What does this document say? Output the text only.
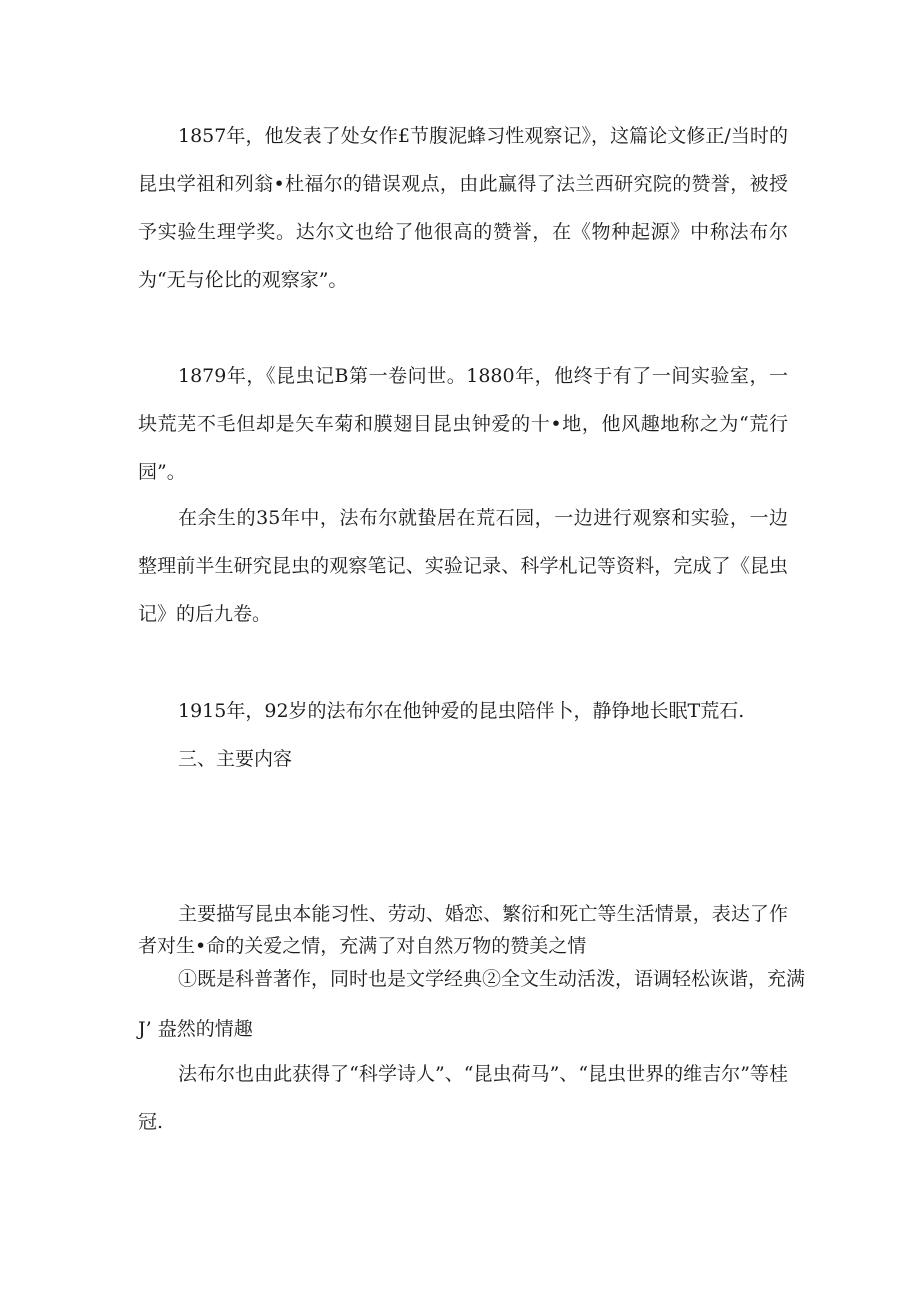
1857年，他发表了处女作£节腹泥蜂习性观察记》，这篇论文修正/当时的昆虫学祖和列翁•杜福尔的错误观点，由此赢得了法兰西研究院的赞誉，被授予实验生理学奖。达尔文也给了他很高的赞誉，在《物种起源》中称法布尔为“无与伦比的观察家”。

1879年，《昆虫记B第一卷问世。1880年，他终于有了一间实验室，一块荒芜不毛但却是矢车菊和膜翅目昆虫钟爱的十•地，他风趣地称之为“荒行园”。

在余生的35年中，法布尔就蛰居在荒石园，一边进行观察和实验，一边整理前半生研究昆虫的观察笔记、实验记录、科学札记等资料，完成了《昆虫记》的后九卷。

1915年，92岁的法布尔在他钟爱的昆虫陪伴卜，静铮地长眠T荒石.

三、主要内容

主要描写昆虫本能习性、劳动、婚恋、繁衍和死亡等生活情景，表达了作者对生•命的关爱之情，充满了对自然万物的赞美之情

①既是科普著作，同时也是文学经典②全文生动活泼，语调轻松诙谐，充满

J’ 盎然的情趣

法布尔也由此获得了“科学诗人”、“昆虫荷马”、“昆虫世界的维吉尔”等桂冠.
